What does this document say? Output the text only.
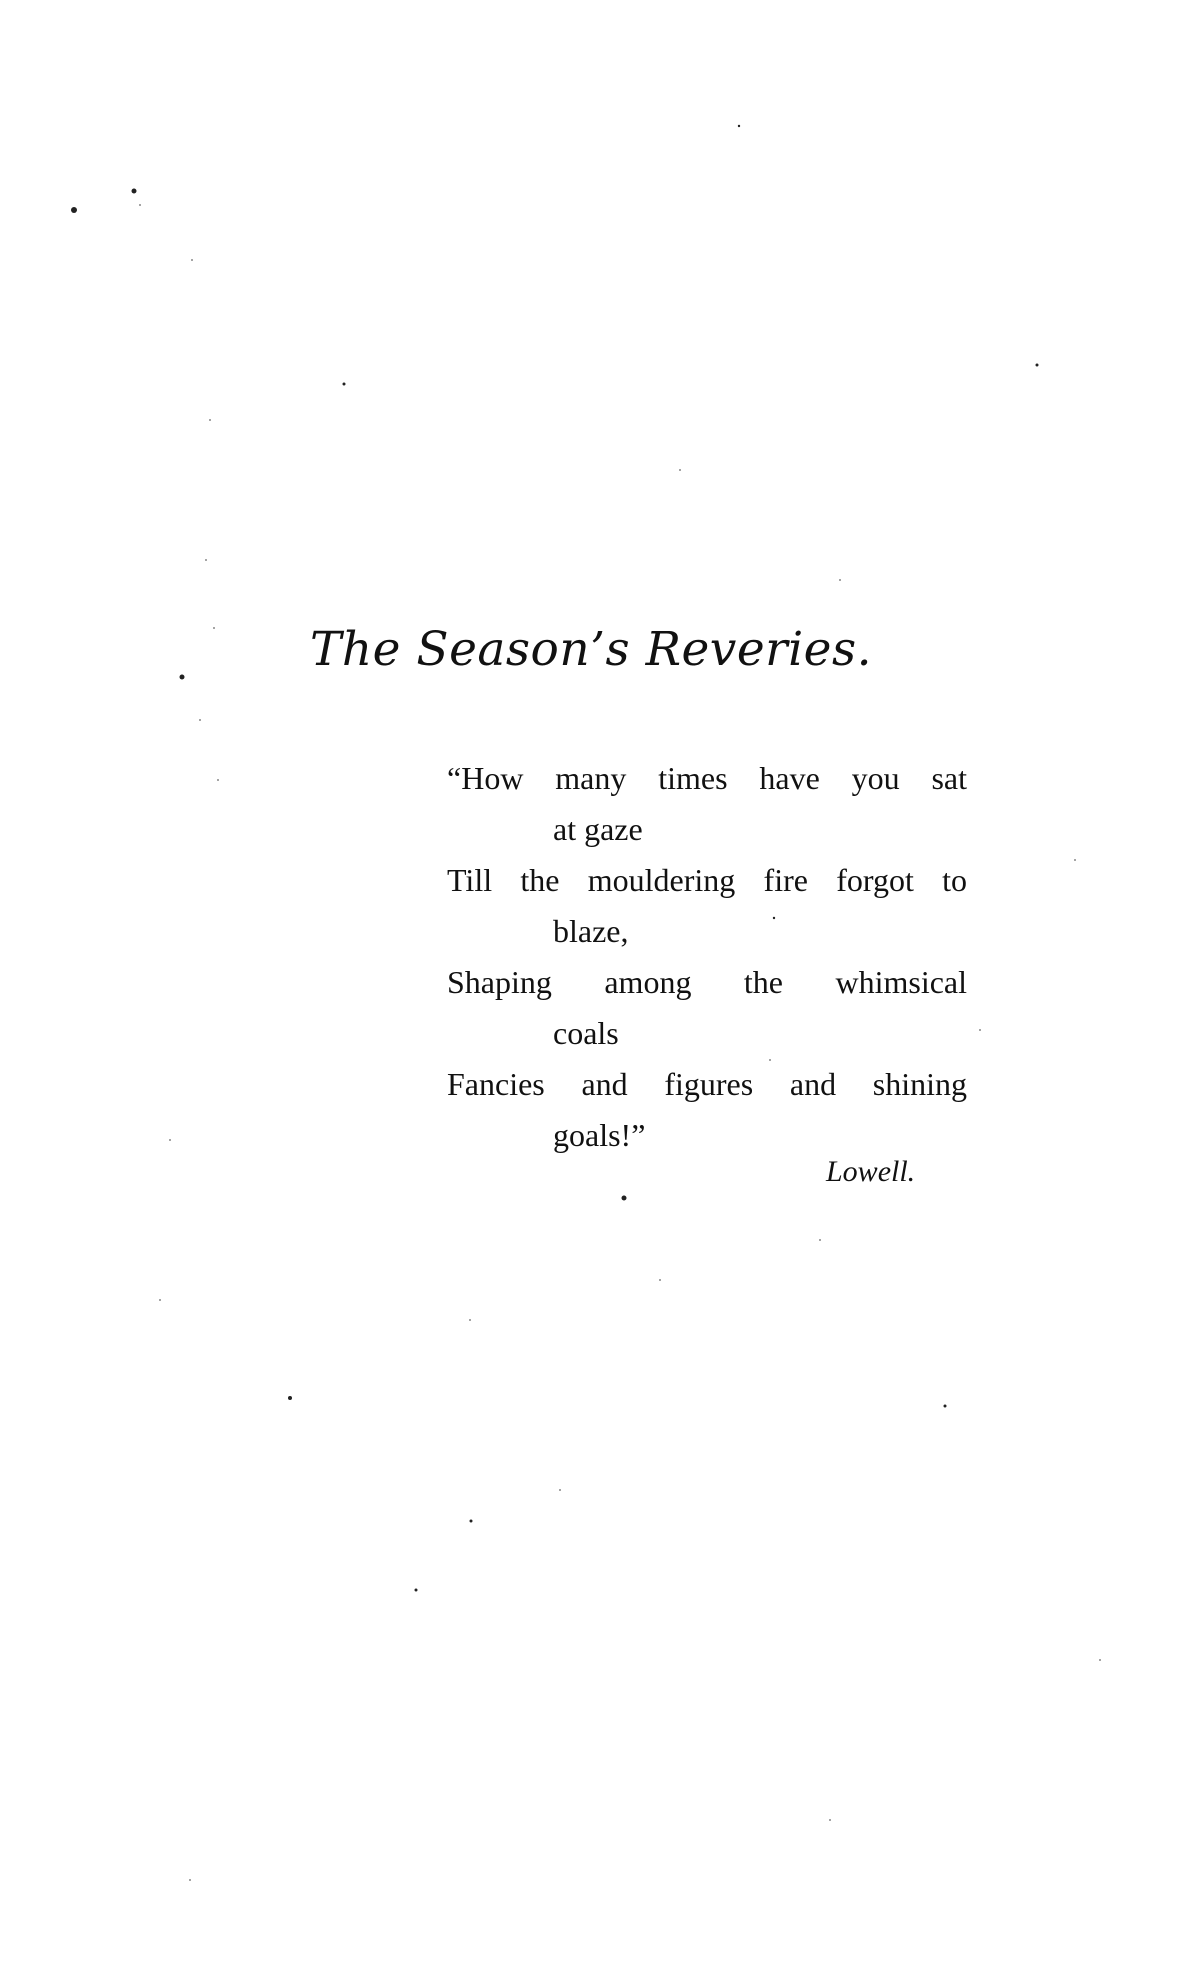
The Season’s Reveries.
“How many times have you sat
at gaze
Till the mouldering fire forgot to
blaze,
Shaping among the whimsical
coals
Fancies and figures and shining
goals!”
Lowell.
